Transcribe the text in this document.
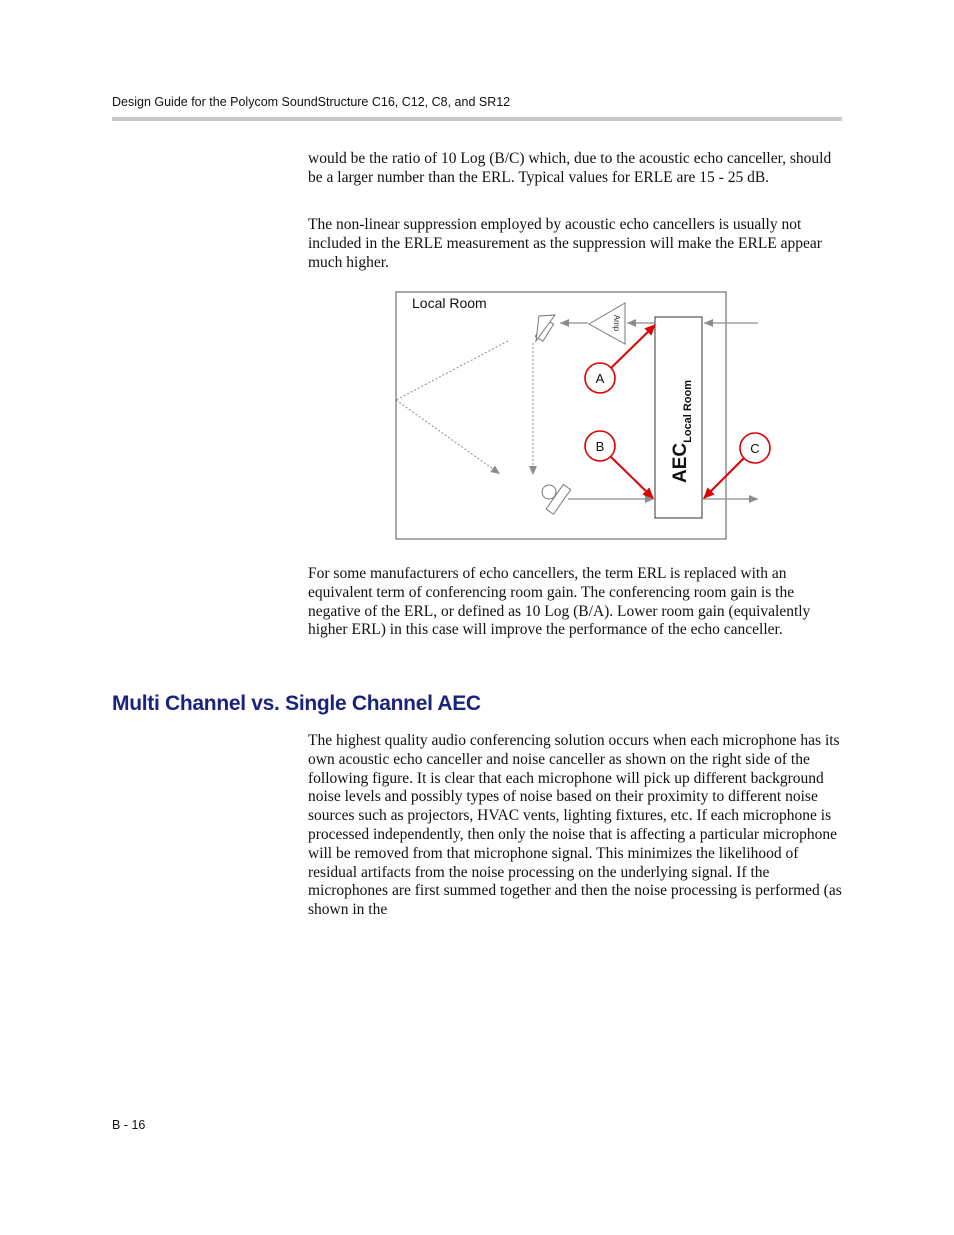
Design Guide for the Polycom SoundStructure C16, C12, C8, and SR12

would be the ratio of 10 Log (B/C) which, due to the acoustic echo canceller, should be a larger number than the ERL. Typical values for ERLE are 15 - 25 dB.

The non-linear suppression employed by acoustic echo cancellers is usually not included in the ERLE measurement as the suppression will make the ERLE appear much higher.

Local Room
Amp
$AEC_{Local Room}$
A
B	C

For some manufacturers of echo cancellers, the term ERL is replaced with an equivalent term of conferencing room gain. The conferencing room gain is the negative of the ERL, or defined as 10 Log (B/A). Lower room gain (equivalently higher ERL) in this case will improve the performance of the echo canceller.

Multi Channel vs. Single Channel AEC

The highest quality audio conferencing solution occurs when each microphone has its own acoustic echo canceller and noise canceller as shown on the right side of the following figure. It is clear that each microphone will pick up different background noise levels and possibly types of noise based on their proximity to different noise sources such as projectors, HVAC vents, lighting fixtures, etc. If each microphone is processed independently, then only the noise that is affecting a particular microphone will be removed from that microphone signal. This minimizes the likelihood of residual artifacts from the noise processing on the underlying signal. If the microphones are first summed together and then the noise processing is performed (as shown in the

B - 16
